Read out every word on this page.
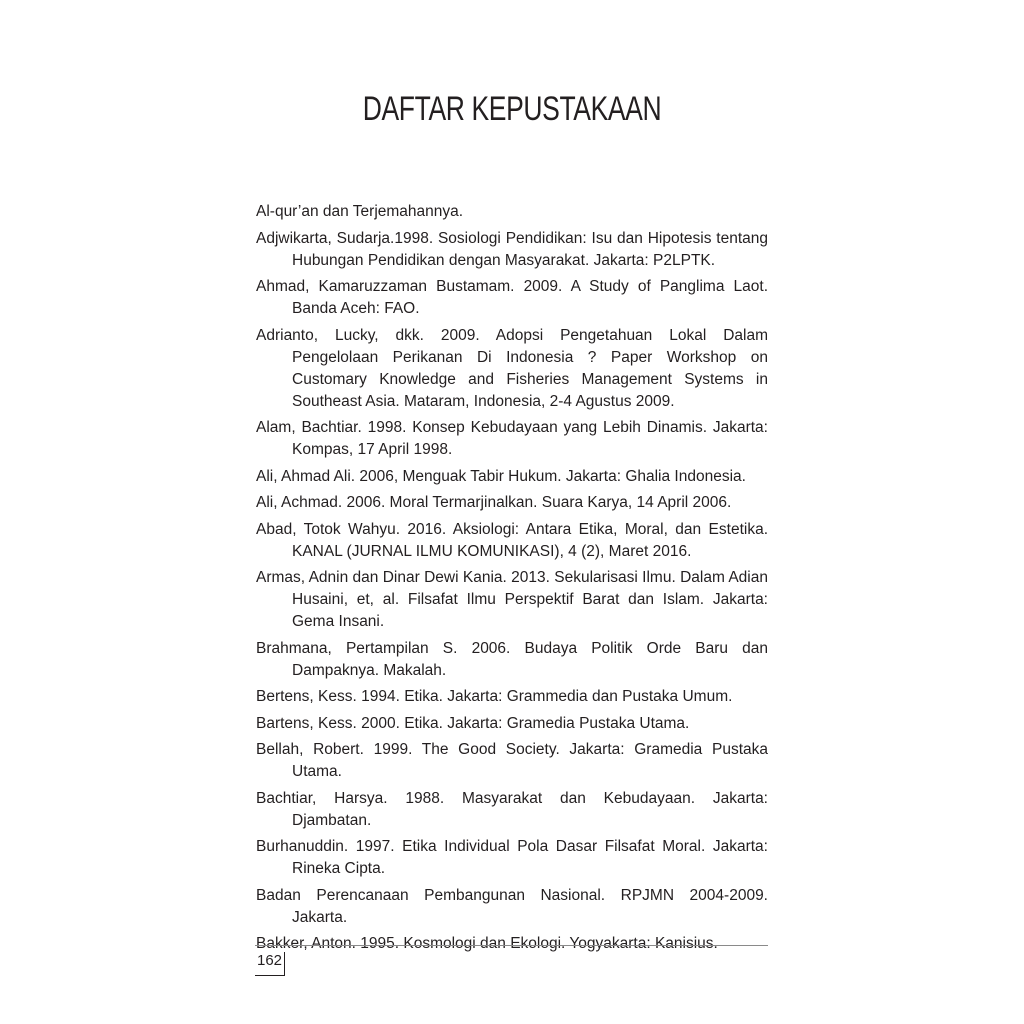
DAFTAR KEPUSTAKAAN
Al-qur’an dan Terjemahannya.
Adjwikarta, Sudarja.1998. Sosiologi Pendidikan: Isu dan Hipotesis tentang Hubungan Pendidikan dengan Masyarakat. Jakarta: P2LPTK.
Ahmad, Kamaruzzaman Bustamam. 2009. A Study of Panglima Laot. Banda Aceh: FAO.
Adrianto, Lucky, dkk. 2009. Adopsi Pengetahuan Lokal Dalam Pengelolaan Perikanan Di Indonesia ? Paper Workshop on Customary Knowledge and Fisheries Management Systems in Southeast Asia. Mataram, Indonesia, 2-4 Agustus 2009.
Alam, Bachtiar. 1998. Konsep Kebudayaan yang Lebih Dinamis. Jakarta: Kompas, 17 April 1998.
Ali, Ahmad Ali. 2006, Menguak Tabir Hukum. Jakarta: Ghalia Indonesia.
Ali, Achmad. 2006. Moral Termarjinalkan. Suara Karya, 14 April 2006.
Abad, Totok Wahyu. 2016. Aksiologi: Antara Etika, Moral, dan Estetika. KANAL (JURNAL ILMU KOMUNIKASI), 4 (2), Maret 2016.
Armas, Adnin dan Dinar Dewi Kania. 2013. Sekularisasi Ilmu. Dalam Adian Husaini, et, al. Filsafat Ilmu Perspektif Barat dan Islam. Jakarta: Gema Insani.
Brahmana, Pertampilan S. 2006. Budaya Politik Orde Baru dan Dampaknya. Makalah.
Bertens, Kess. 1994. Etika. Jakarta: Grammedia dan Pustaka Umum.
Bartens, Kess. 2000. Etika. Jakarta: Gramedia Pustaka Utama.
Bellah, Robert. 1999. The Good Society. Jakarta: Gramedia Pustaka Utama.
Bachtiar, Harsya. 1988. Masyarakat dan Kebudayaan. Jakarta: Djambatan.
Burhanuddin. 1997. Etika Individual Pola Dasar Filsafat Moral. Jakarta: Rineka Cipta.
Badan Perencanaan Pembangunan Nasional. RPJMN 2004-2009. Jakarta.
Bakker, Anton. 1995. Kosmologi dan Ekologi. Yogyakarta: Kanisius.
162
